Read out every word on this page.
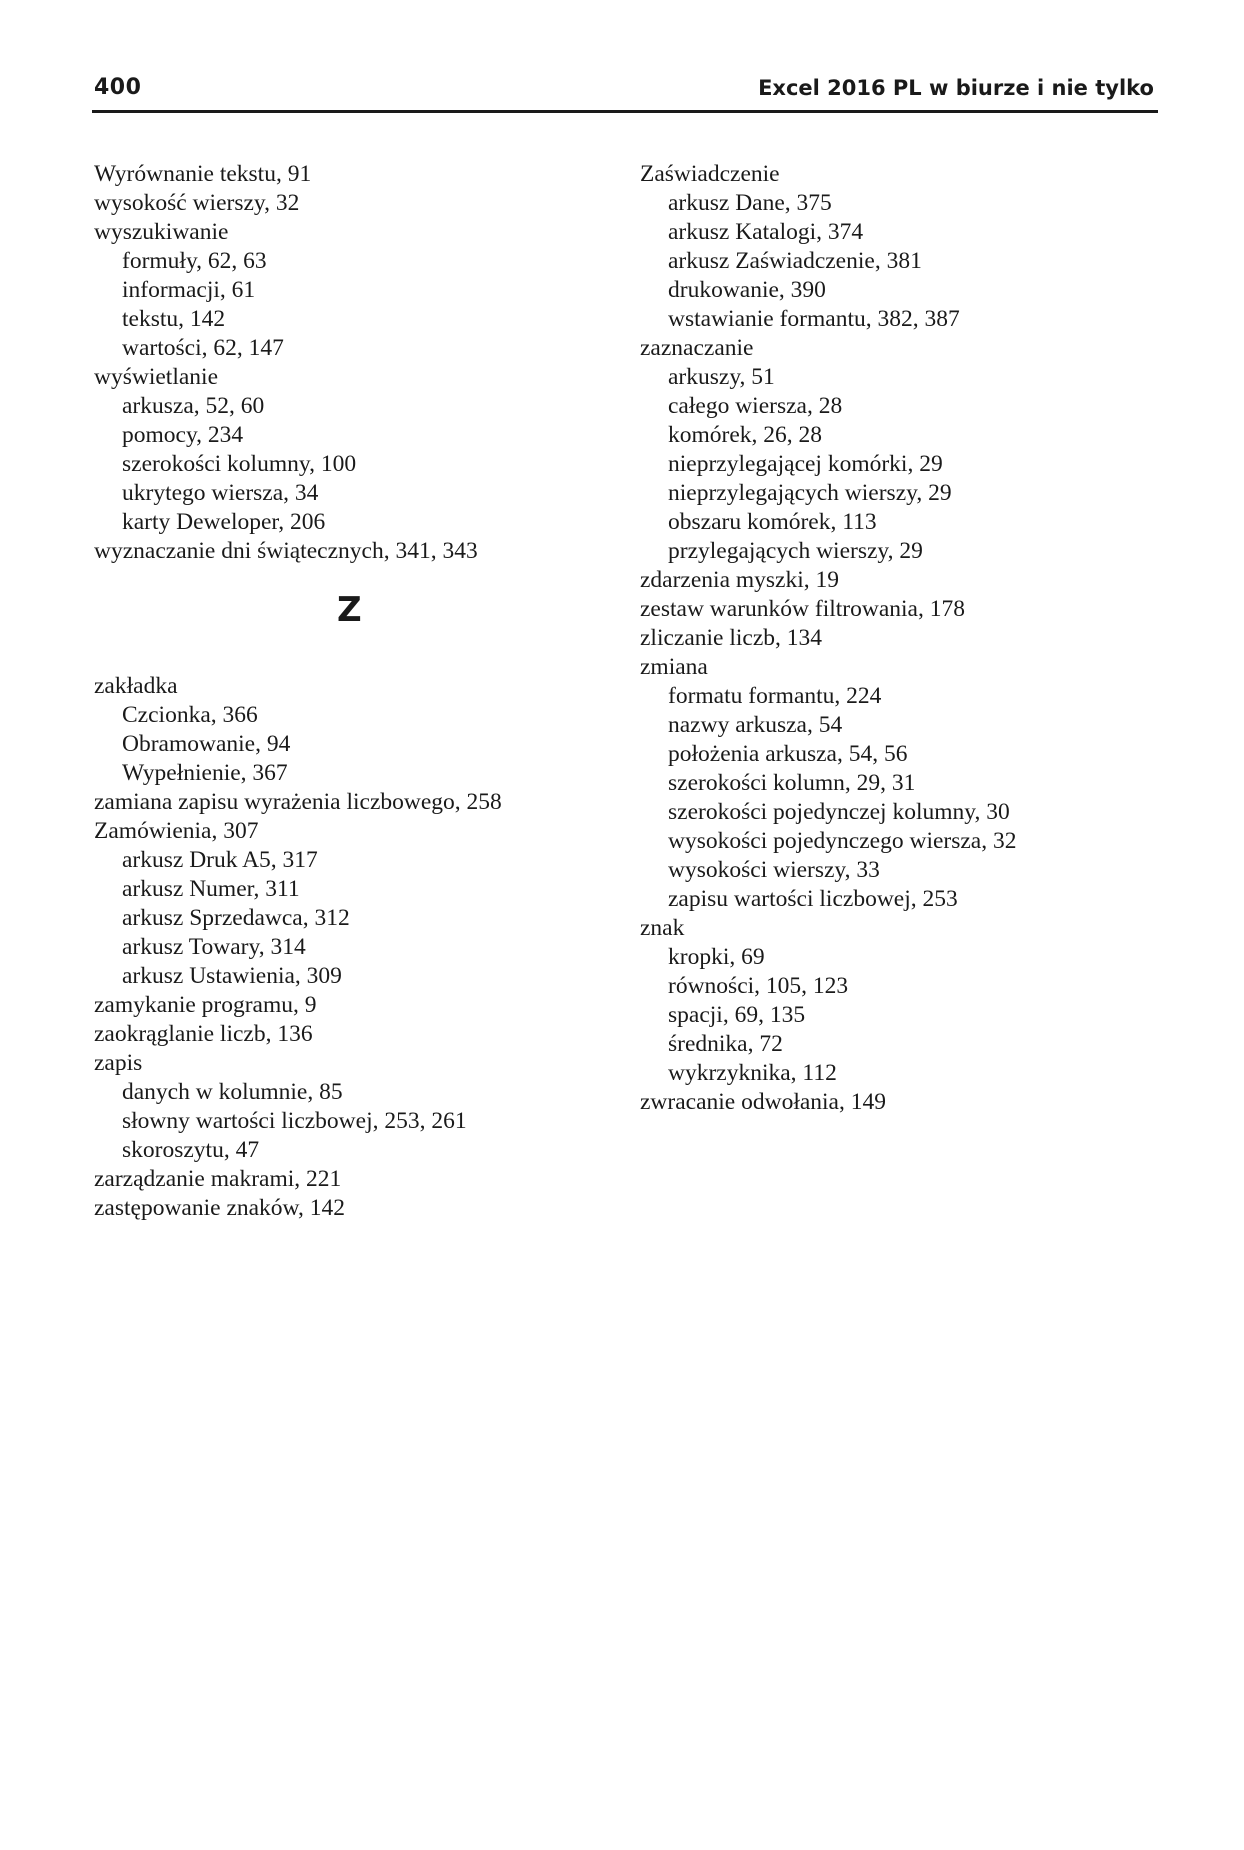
400	Excel 2016 PL w biurze i nie tylko
Wyrównanie tekstu, 91
wysokość wierszy, 32
wyszukiwanie
formuły, 62, 63
informacji, 61
tekstu, 142
wartości, 62, 147
wyświetlanie
arkusza, 52, 60
pomocy, 234
szerokości kolumny, 100
ukrytego wiersza, 34
karty Deweloper, 206
wyznaczanie dni świątecznych, 341, 343
Z
zakładka
Czcionka, 366
Obramowanie, 94
Wypełnienie, 367
zamiana zapisu wyrażenia liczbowego, 258
Zamówienia, 307
arkusz Druk A5, 317
arkusz Numer, 311
arkusz Sprzedawca, 312
arkusz Towary, 314
arkusz Ustawienia, 309
zamykanie programu, 9
zaokrąglanie liczb, 136
zapis
danych w kolumnie, 85
słowny wartości liczbowej, 253, 261
skoroszytu, 47
zarządzanie makrami, 221
zastępowanie znaków, 142
Zaświadczenie
arkusz Dane, 375
arkusz Katalogi, 374
arkusz Zaświadczenie, 381
drukowanie, 390
wstawianie formantu, 382, 387
zaznaczanie
arkuszy, 51
całego wiersza, 28
komórek, 26, 28
nieprzylegającej komórki, 29
nieprzylegających wierszy, 29
obszaru komórek, 113
przylegających wierszy, 29
zdarzenia myszki, 19
zestaw warunków filtrowania, 178
zliczanie liczb, 134
zmiana
formatu formantu, 224
nazwy arkusza, 54
położenia arkusza, 54, 56
szerokości kolumn, 29, 31
szerokości pojedynczej kolumny, 30
wysokości pojedynczego wiersza, 32
wysokości wierszy, 33
zapisu wartości liczbowej, 253
znak
kropki, 69
równości, 105, 123
spacji, 69, 135
średnika, 72
wykrzyknika, 112
zwracanie odwołania, 149
